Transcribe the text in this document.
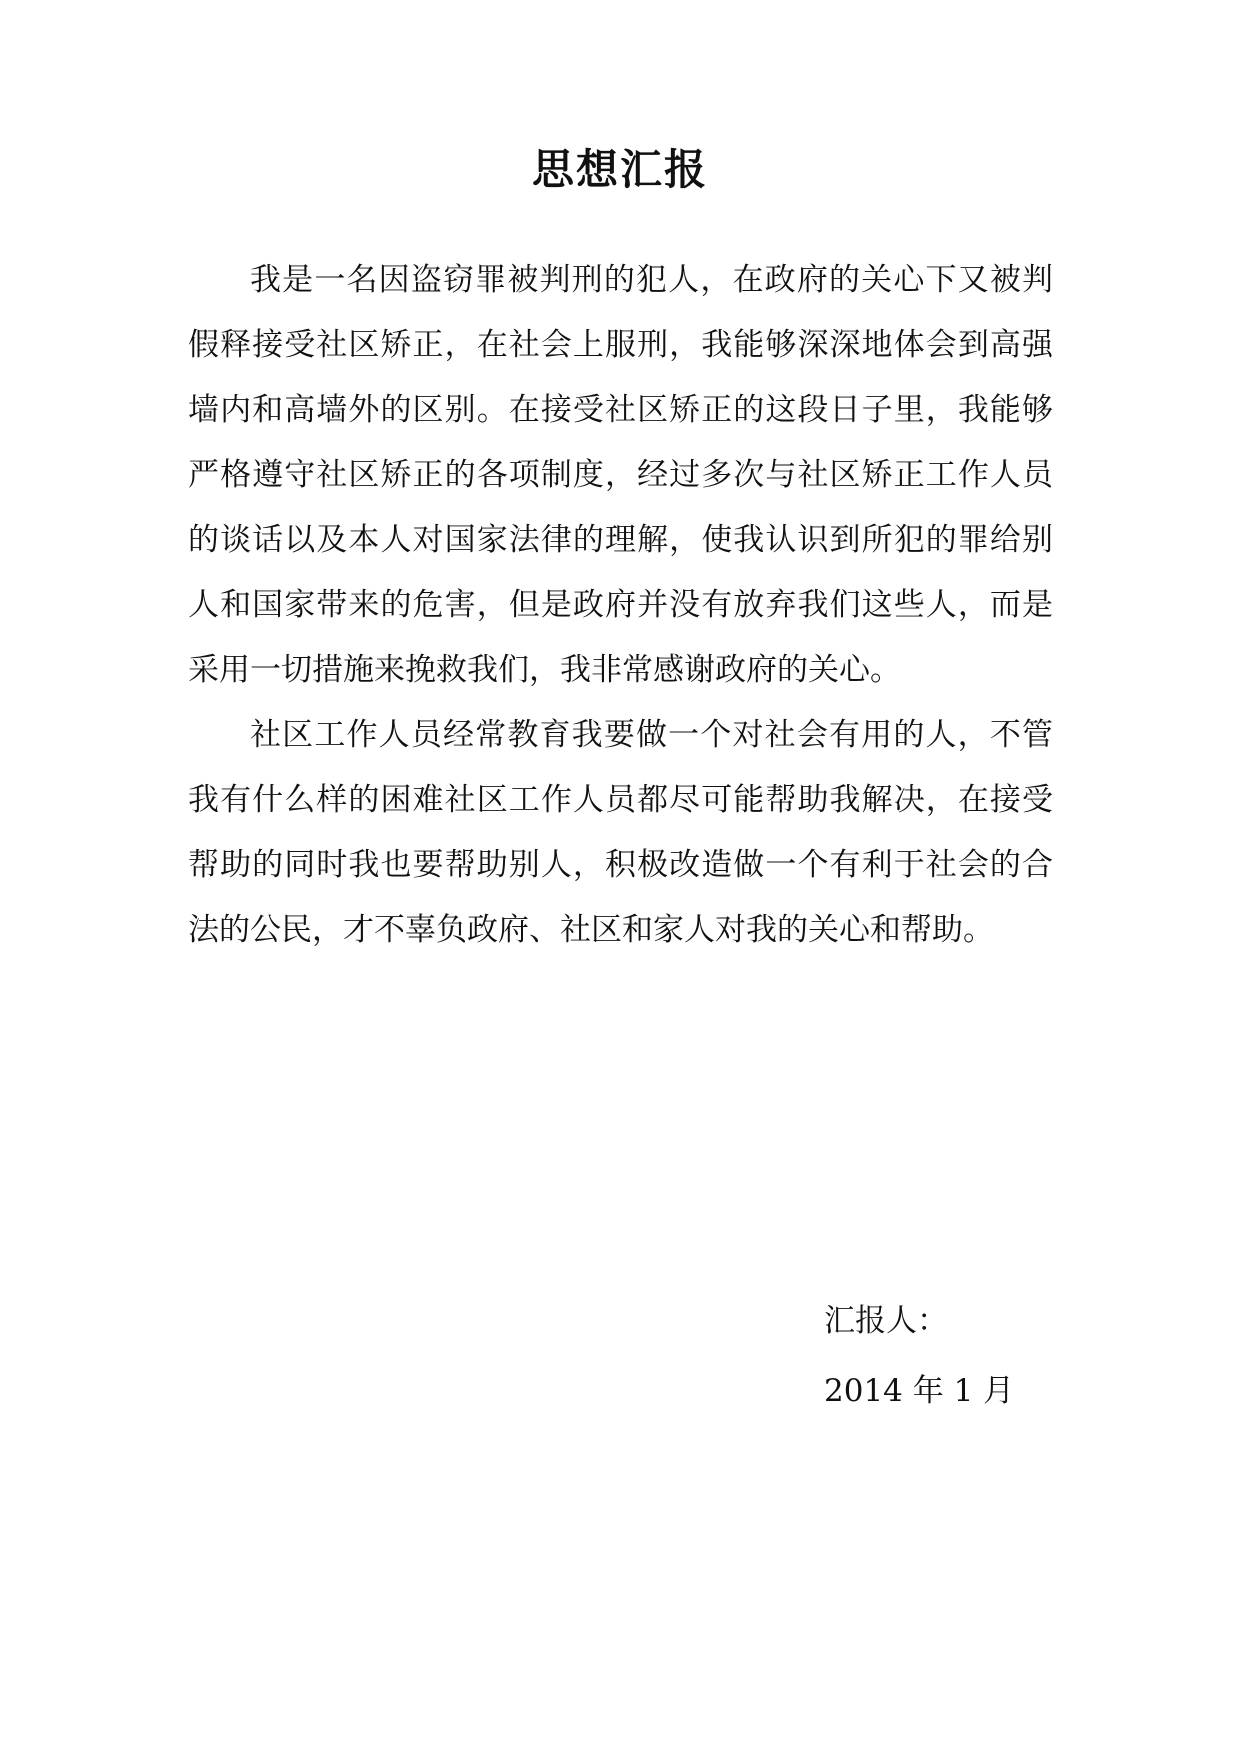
思想汇报

我是一名因盗窃罪被判刑的犯人，在政府的关心下又被判假释接受社区矫正，在社会上服刑，我能够深深地体会到高强墙内和高墙外的区别。在接受社区矫正的这段日子里，我能够严格遵守社区矫正的各项制度，经过多次与社区矫正工作人员的谈话以及本人对国家法律的理解，使我认识到所犯的罪给别人和国家带来的危害，但是政府并没有放弃我们这些人，而是采用一切措施来挽救我们，我非常感谢政府的关心。

社区工作人员经常教育我要做一个对社会有用的人，不管我有什么样的困难社区工作人员都尽可能帮助我解决，在接受帮助的同时我也要帮助别人，积极改造做一个有利于社会的合法的公民，才不辜负政府、社区和家人对我的关心和帮助。

汇报人：

2014 年 1 月
